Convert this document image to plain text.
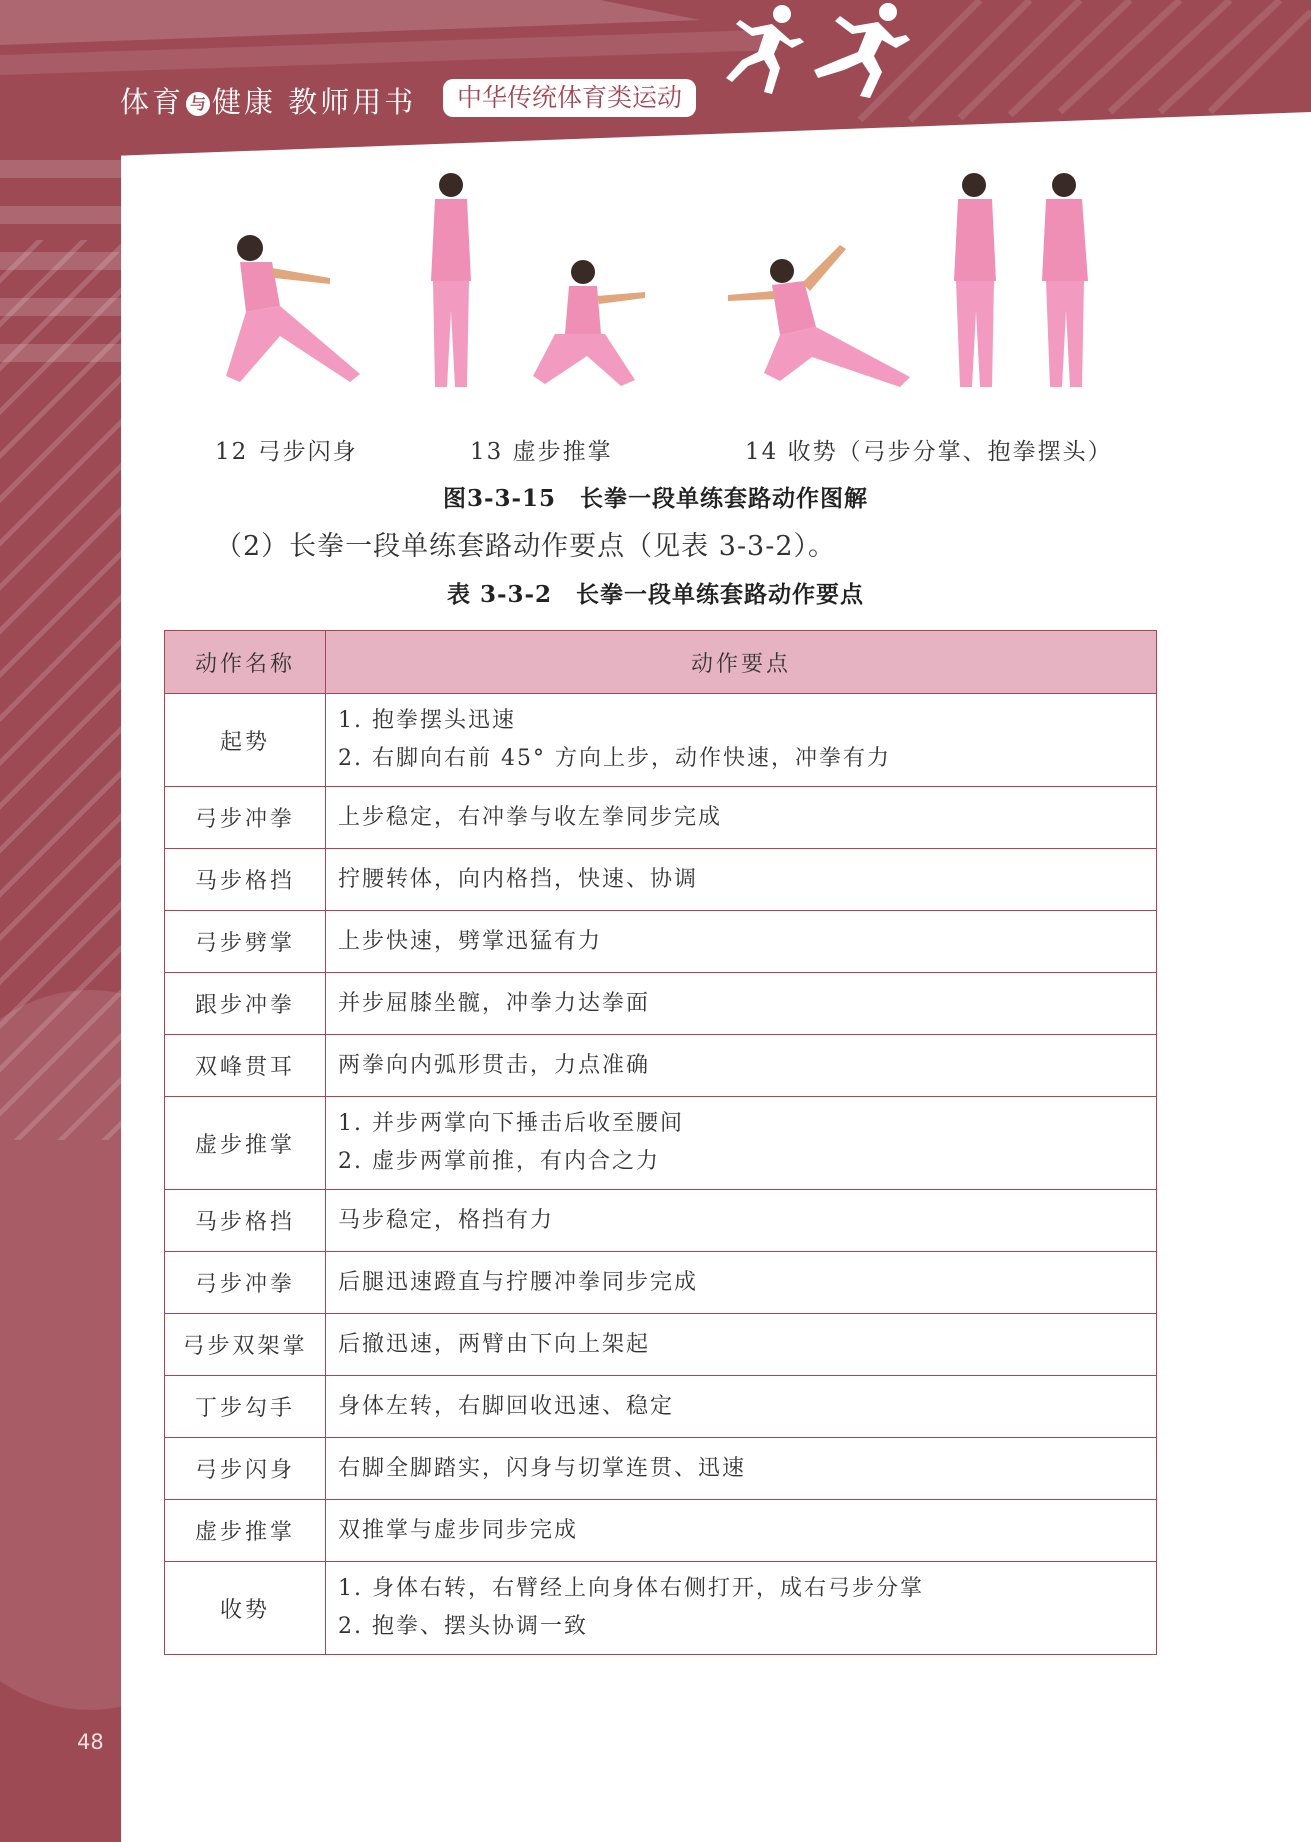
体育 与 健康 教师用书	中华传统体育类运动
12 弓步闪身	13 虚步推掌	14 收势（弓步分掌、抱拳摆头）
图3-3-15　长拳一段单练套路动作图解
（2）长拳一段单练套路动作要点（见表 3-3-2）。
表 3-3-2　长拳一段单练套路动作要点
动作名称	动作要点
起势	1. 抱拳摆头迅速
2. 右脚向右前 45° 方向上步，动作快速，冲拳有力

弓步冲拳	上步稳定，右冲拳与收左拳同步完成

马步格挡	拧腰转体，向内格挡，快速、协调

弓步劈掌	上步快速，劈掌迅猛有力

跟步冲拳	并步屈膝坐髋，冲拳力达拳面

双峰贯耳	两拳向内弧形贯击，力点准确

虚步推掌	1. 并步两掌向下捶击后收至腰间
2. 虚步两掌前推，有内合之力

马步格挡	马步稳定，格挡有力

弓步冲拳	后腿迅速蹬直与拧腰冲拳同步完成

弓步双架掌	后撤迅速，两臂由下向上架起

丁步勾手	身体左转，右脚回收迅速、稳定

弓步闪身	右脚全脚踏实，闪身与切掌连贯、迅速

虚步推掌	双推掌与虚步同步完成

收势	1. 身体右转，右臂经上向身体右侧打开，成右弓步分掌
2. 抱拳、摆头协调一致
48
